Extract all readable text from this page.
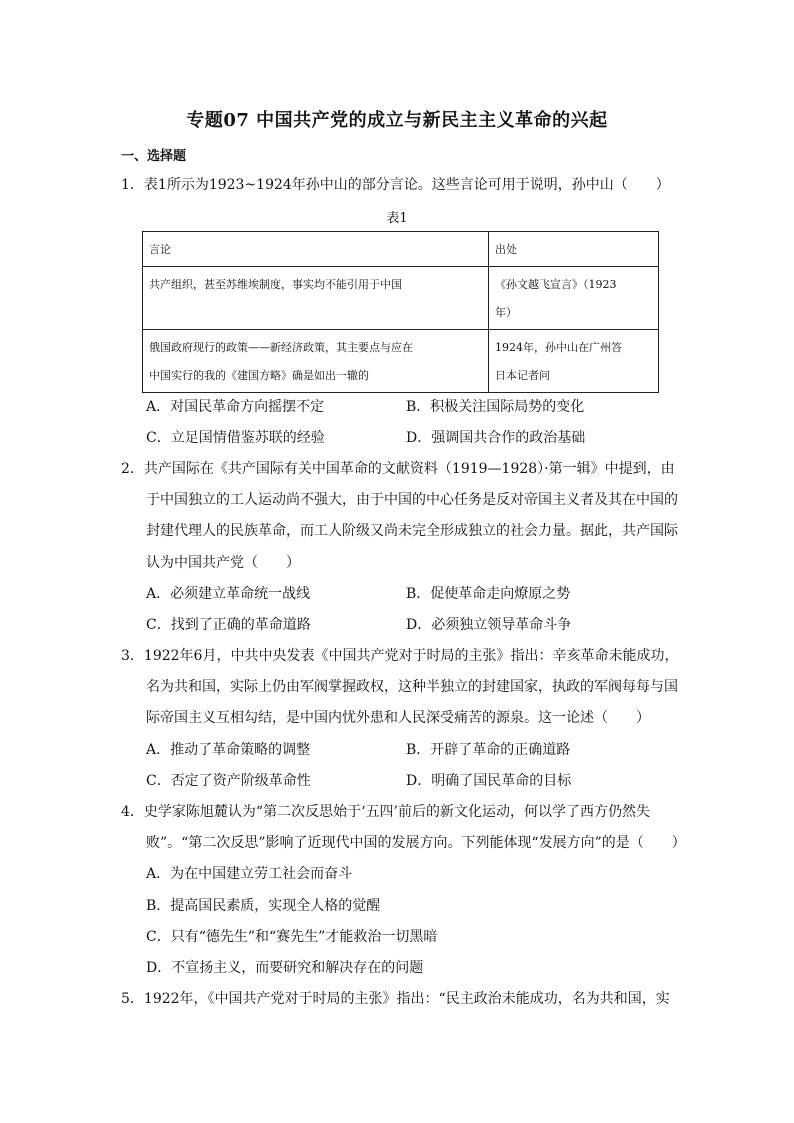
专题07 中国共产党的成立与新民主主义革命的兴起
一、选择题
1．表1所示为1923~1924年孙中山的部分言论。这些言论可用于说明，孙中山（　　）
表1
言论	出处
共产组织，甚至苏维埃制度，事实均不能引用于中国	《孙文越飞宣言》（1923
年）
俄国政府现行的政策——新经济政策，其主要点与应在
中国实行的我的《建国方略》确是如出一辙的	1924年，孙中山在广州答
日本记者问
A．对国民革命方向摇摆不定	B．积极关注国际局势的变化
C．立足国情借鉴苏联的经验	D．强调国共合作的政治基础
2．共产国际在《共产国际有关中国革命的文献资料（1919—1928）·第一辑》中提到，由
于中国独立的工人运动尚不强大，由于中国的中心任务是反对帝国主义者及其在中国的
封建代理人的民族革命，而工人阶级又尚未完全形成独立的社会力量。据此，共产国际
认为中国共产党（　　）
A．必须建立革命统一战线	B．促使革命走向燎原之势
C．找到了正确的革命道路	D．必须独立领导革命斗争
3．1922年6月，中共中央发表《中国共产党对于时局的主张》指出：辛亥革命未能成功，
名为共和国，实际上仍由军阀掌握政权，这种半独立的封建国家，执政的军阀每每与国
际帝国主义互相勾结，是中国内忧外患和人民深受痛苦的源泉。这一论述（　　）
A．推动了革命策略的调整	B．开辟了革命的正确道路
C．否定了资产阶级革命性	D．明确了国民革命的目标
4．史学家陈旭麓认为“第二次反思始于‘五四’前后的新文化运动，何以学了西方仍然失
败”。“第二次反思”影响了近现代中国的发展方向。下列能体现“发展方向”的是（　　）
A．为在中国建立劳工社会而奋斗
B．提高国民素质，实现全人格的觉醒
C．只有“德先生”和“赛先生”才能救治一切黑暗
D．不宣扬主义，而要研究和解决存在的问题
5．1922年，《中国共产党对于时局的主张》指出：“民主政治未能成功，名为共和国，实
